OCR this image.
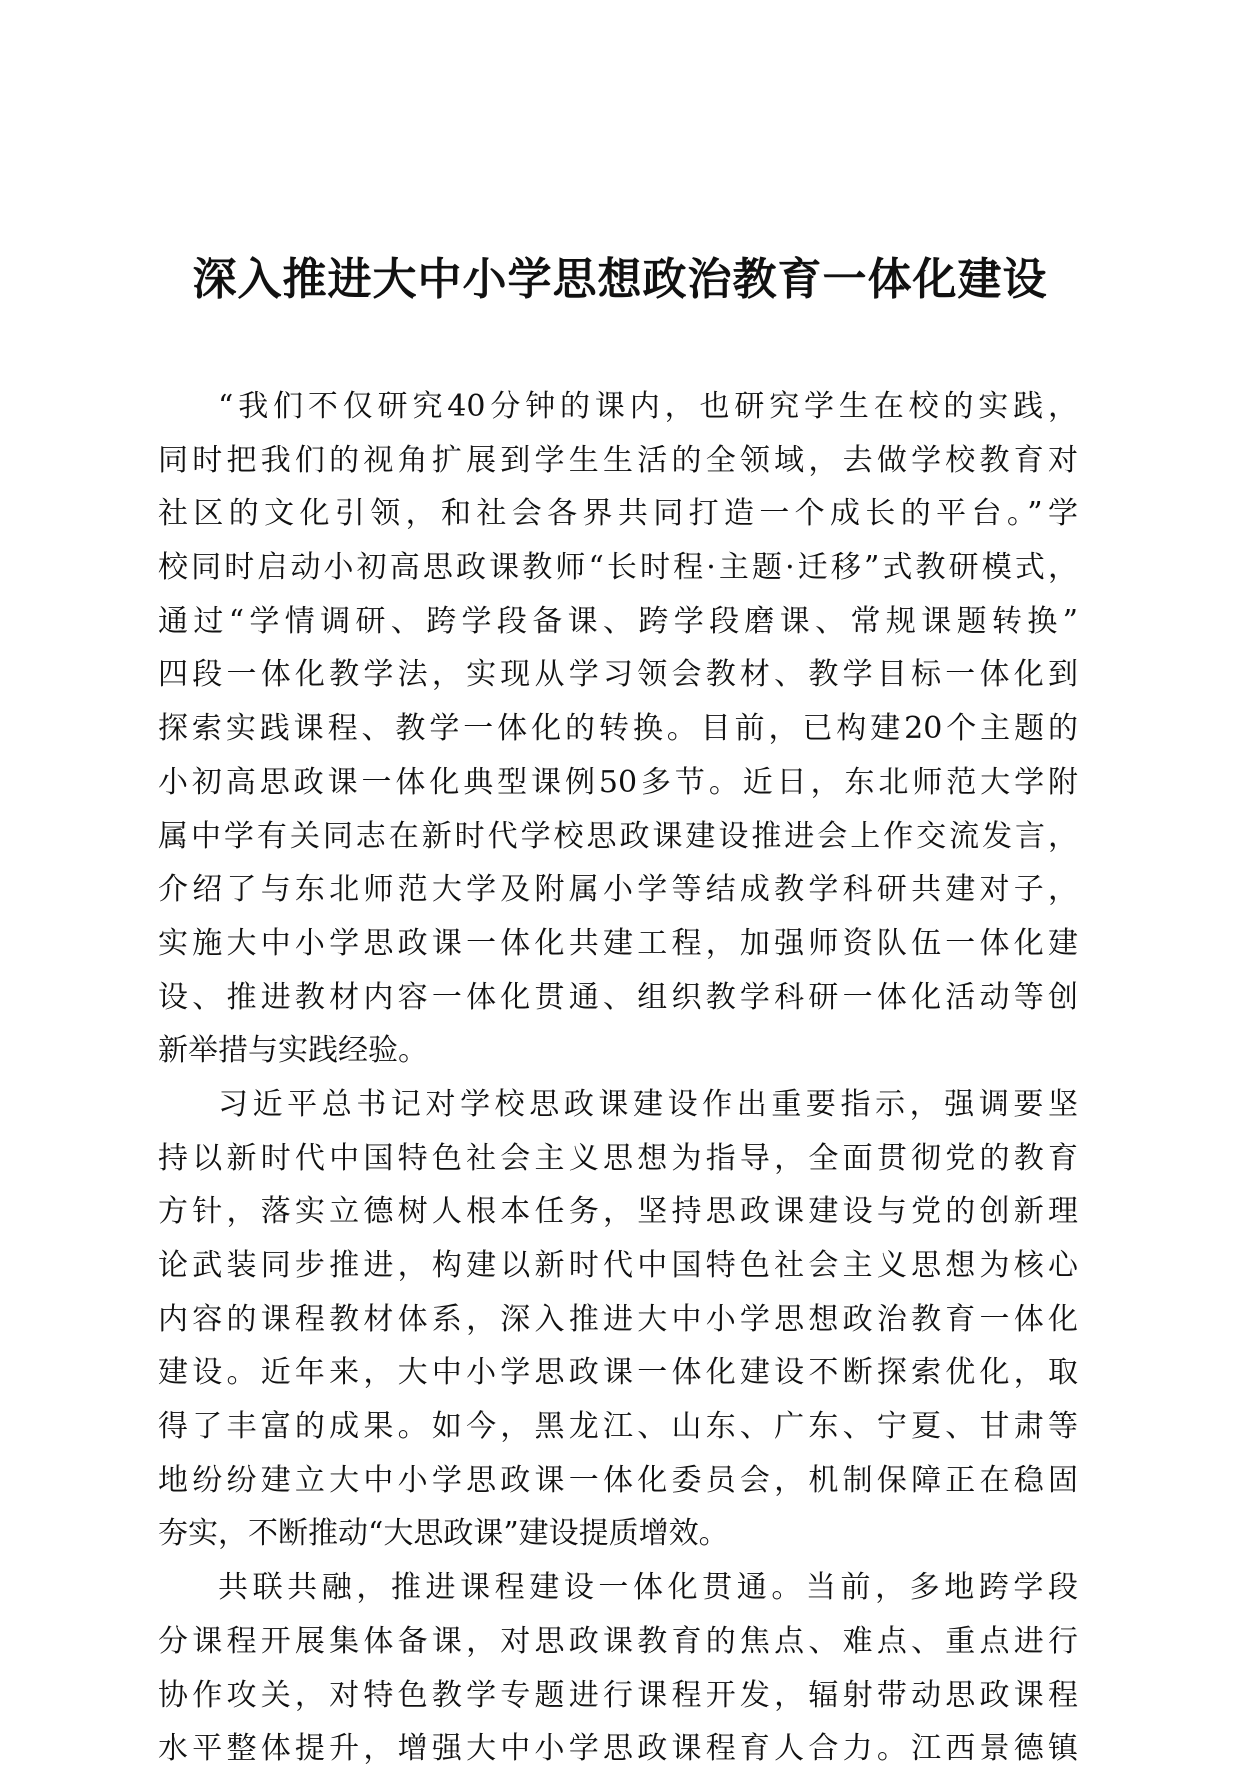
深入推进大中小学思想政治教育一体化建设
“我们不仅研究40分钟的课内，也研究学生在校的实践，
同时把我们的视角扩展到学生生活的全领域，去做学校教育对
社区的文化引领，和社会各界共同打造一个成长的平台。”学
校同时启动小初高思政课教师“长时程·主题·迁移”式教研模式，
通过“学情调研、跨学段备课、跨学段磨课、常规课题转换”
四段一体化教学法，实现从学习领会教材、教学目标一体化到
探索实践课程、教学一体化的转换。目前，已构建20个主题的
小初高思政课一体化典型课例50多节。近日，东北师范大学附
属中学有关同志在新时代学校思政课建设推进会上作交流发言，
介绍了与东北师范大学及附属小学等结成教学科研共建对子，
实施大中小学思政课一体化共建工程，加强师资队伍一体化建
设、推进教材内容一体化贯通、组织教学科研一体化活动等创
新举措与实践经验。
习近平总书记对学校思政课建设作出重要指示，强调要坚
持以新时代中国特色社会主义思想为指导，全面贯彻党的教育
方针，落实立德树人根本任务，坚持思政课建设与党的创新理
论武装同步推进，构建以新时代中国特色社会主义思想为核心
内容的课程教材体系，深入推进大中小学思想政治教育一体化
建设。近年来，大中小学思政课一体化建设不断探索优化，取
得了丰富的成果。如今，黑龙江、山东、广东、宁夏、甘肃等
地纷纷建立大中小学思政课一体化委员会，机制保障正在稳固
夯实，不断推动“大思政课”建设提质增效。
共联共融，推进课程建设一体化贯通。当前，多地跨学段
分课程开展集体备课，对思政课教育的焦点、难点、重点进行
协作攻关，对特色教学专题进行课程开发，辐射带动思政课程
水平整体提升，增强大中小学思政课程育人合力。江西景德镇
